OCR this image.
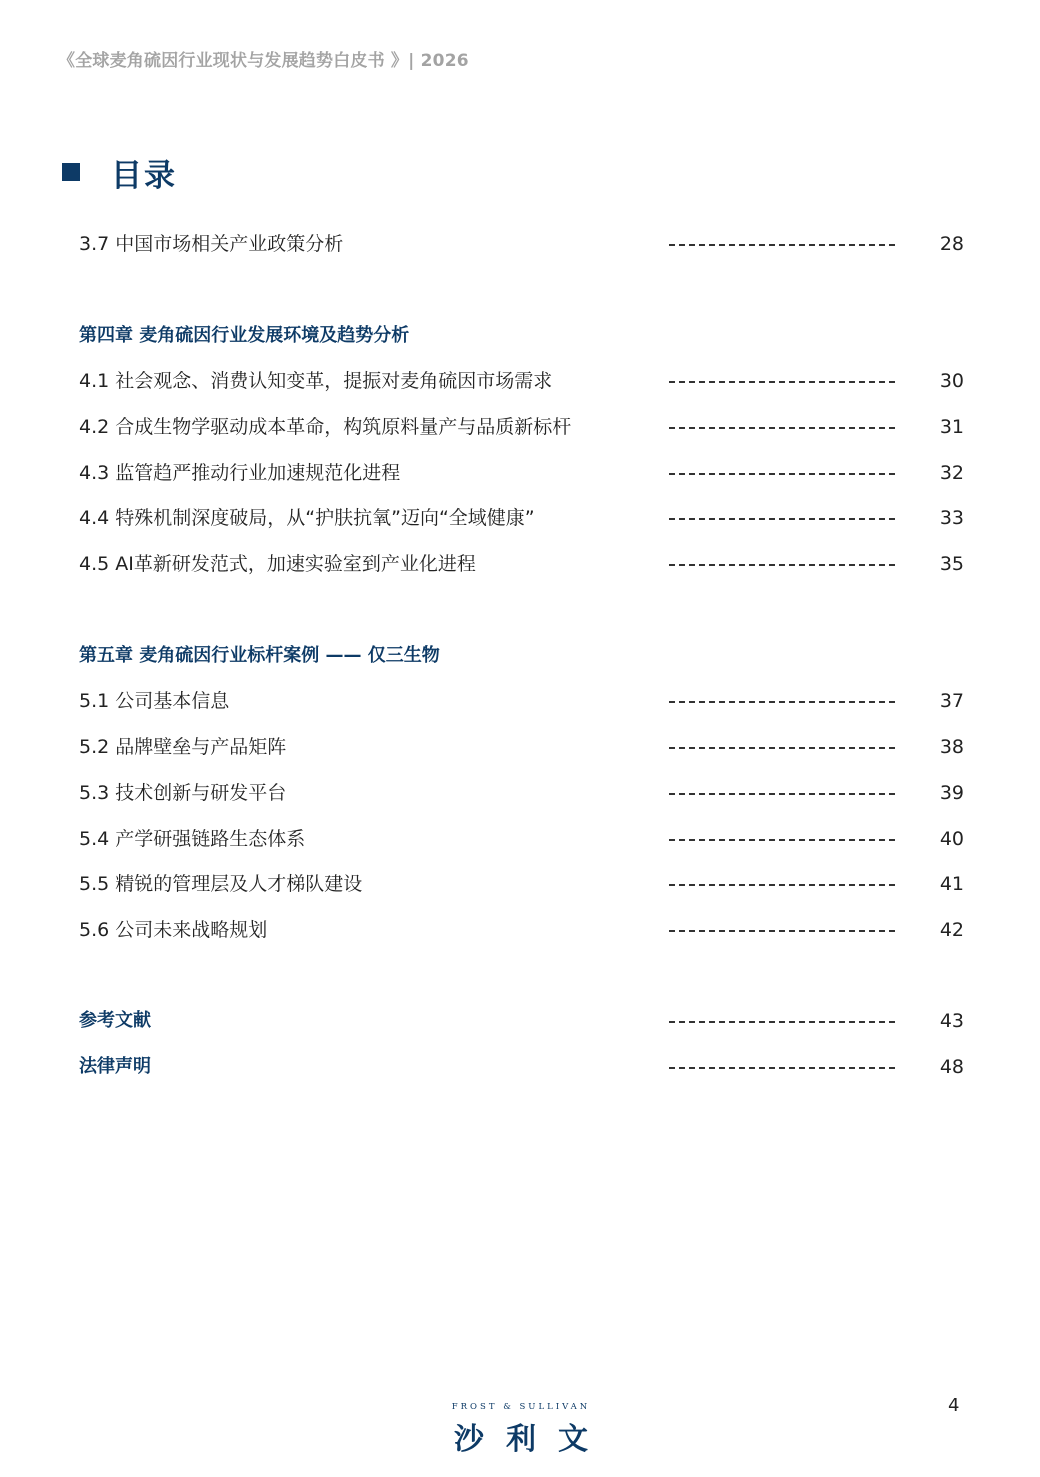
《全球麦角硫因行业现状与发展趋势白皮书 》| 2026
目录
3.7 中国市场相关产业政策分析	28
第四章 麦角硫因行业发展环境及趋势分析
4.1 社会观念、消费认知变革，提振对麦角硫因市场需求	30
4.2 合成生物学驱动成本革命，构筑原料量产与品质新标杆	31
4.3 监管趋严推动行业加速规范化进程	32
4.4 特殊机制深度破局，从“护肤抗氧”迈向“全域健康”	33
4.5 AI革新研发范式，加速实验室到产业化进程	35
第五章 麦角硫因行业标杆案例 —— 仅三生物
5.1 公司基本信息	37
5.2 品牌壁垒与产品矩阵	38
5.3 技术创新与研发平台	39
5.4 产学研强链路生态体系	40
5.5 精锐的管理层及人才梯队建设	41
5.6 公司未来战略规划	42
参考文献	43
法律声明	48
FROST & SULLIVAN
沙利文
4
